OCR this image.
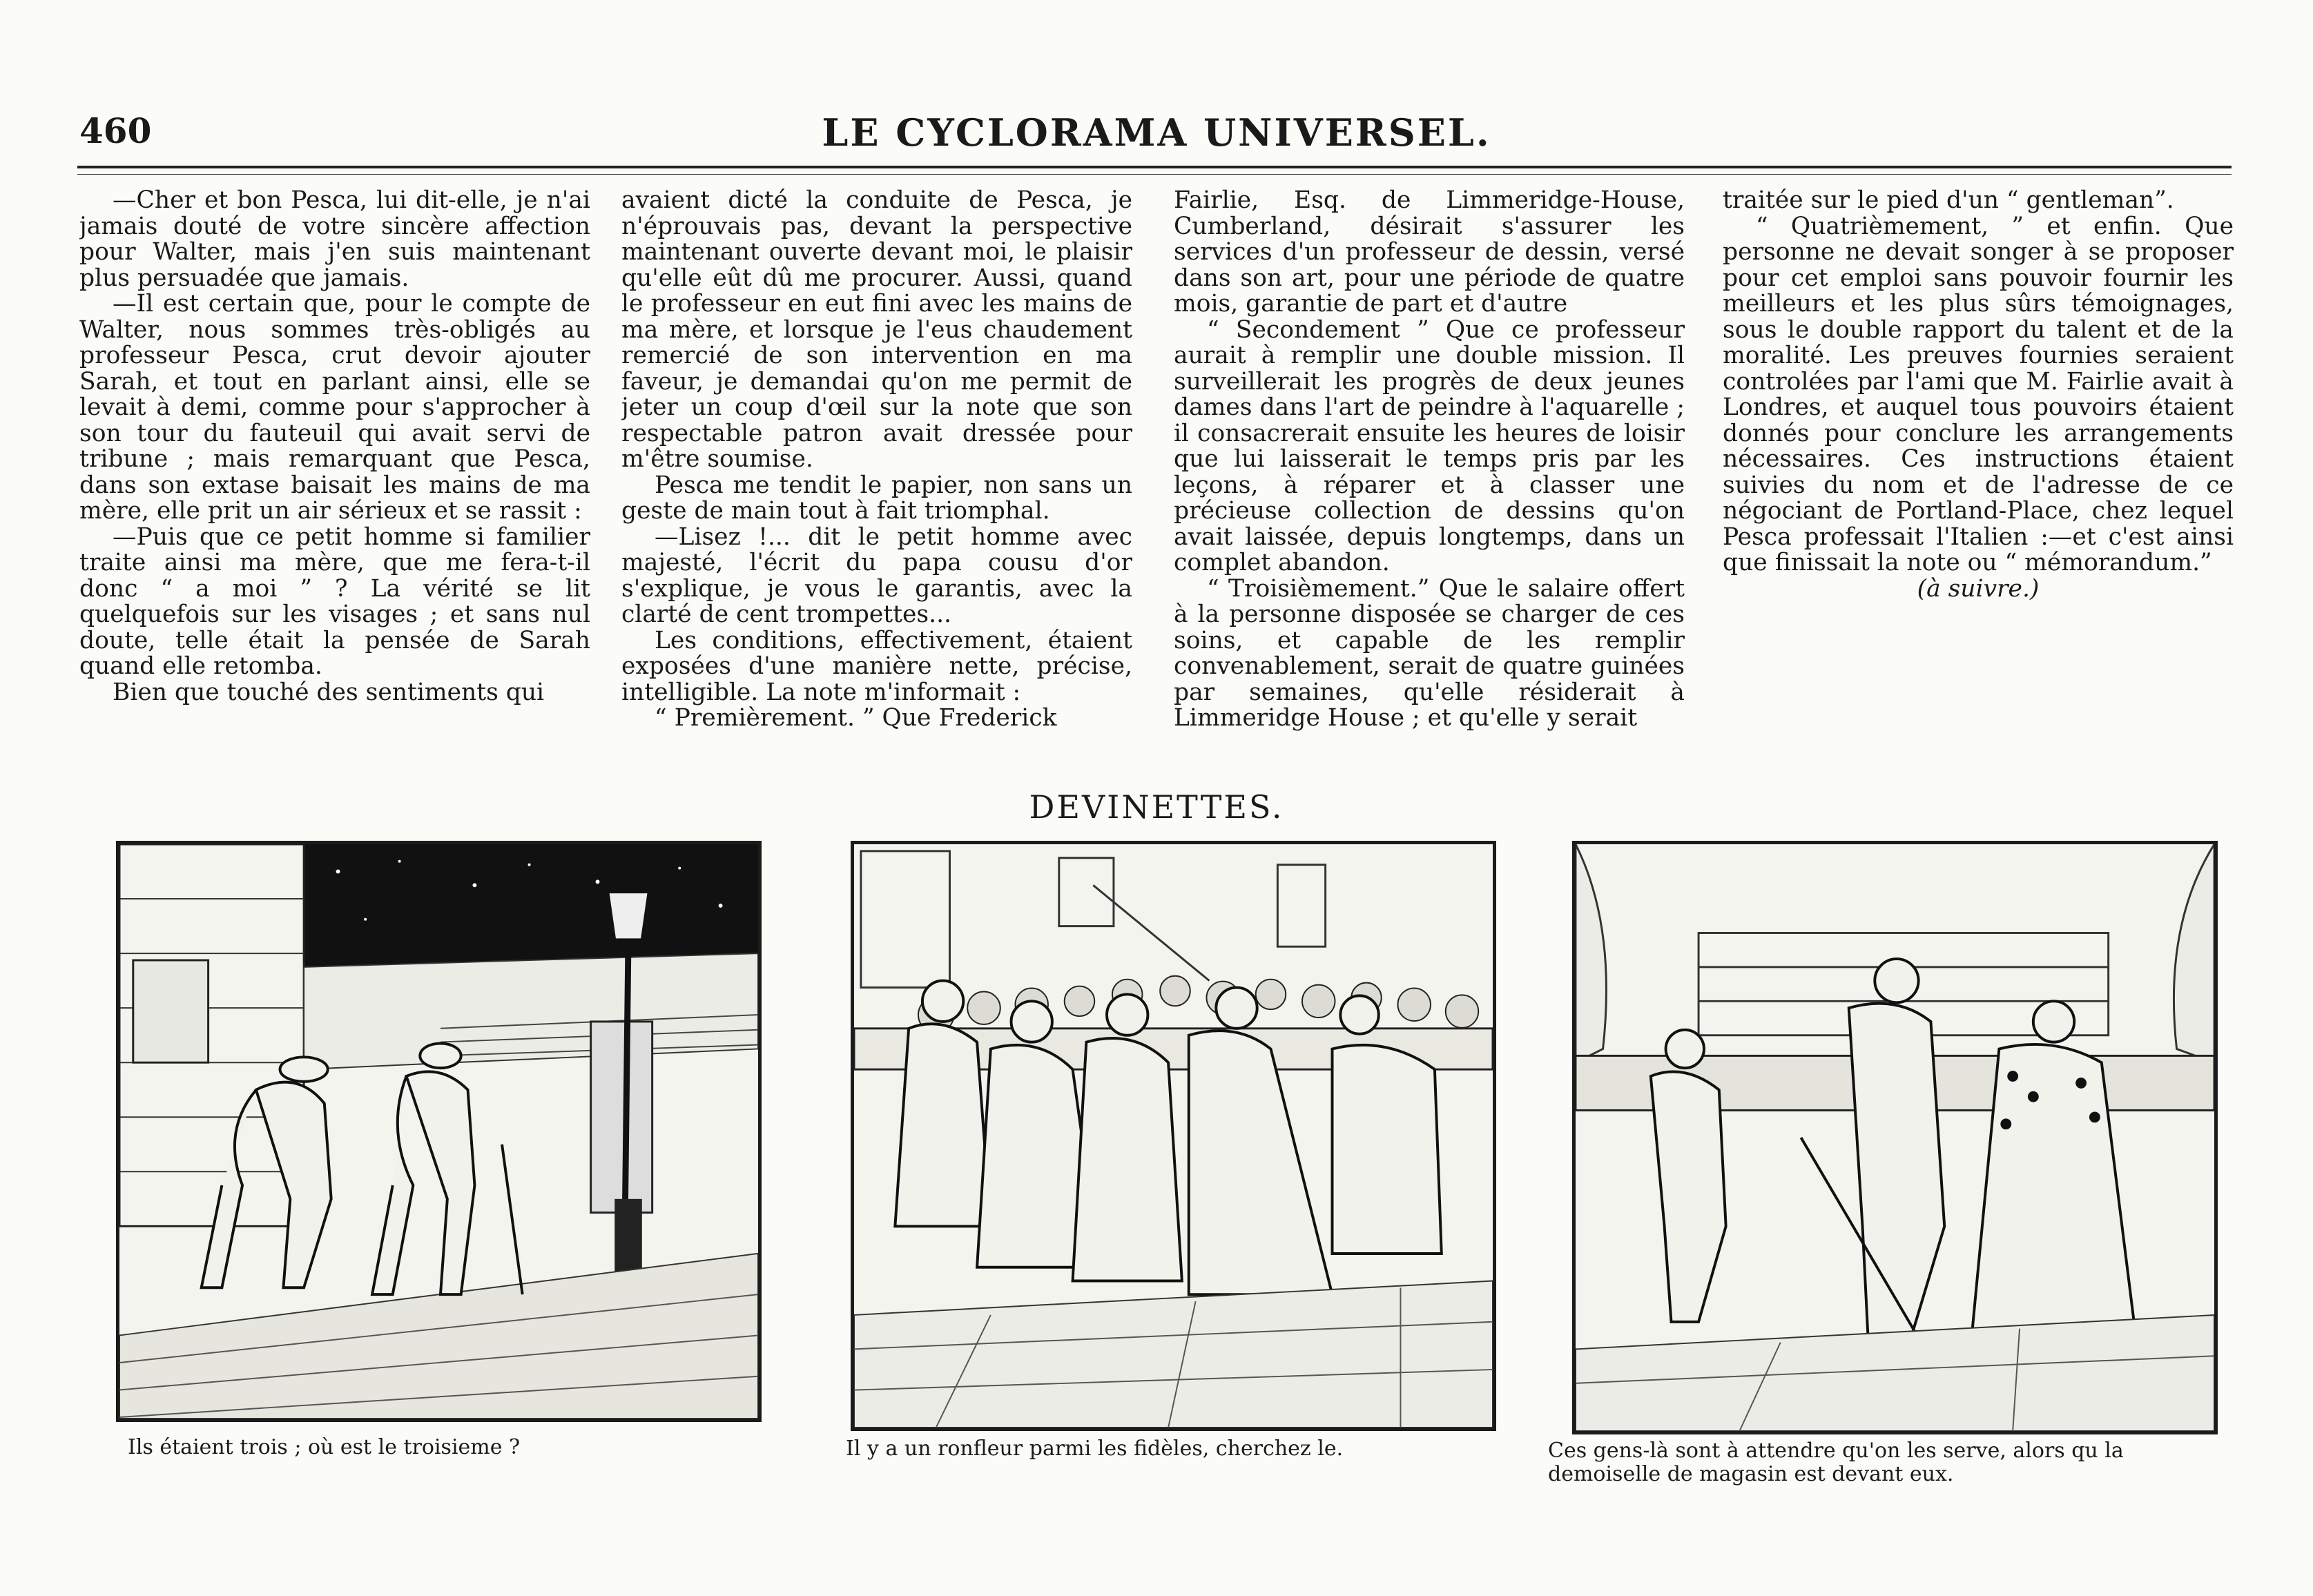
460	LE CYCLORAMA UNIVERSEL.

—Cher et bon Pesca, lui dit-elle, je n'ai jamais douté de votre sincère affection pour Walter, mais j'en suis maintenant plus persuadée que jamais.

—Il est certain que, pour le compte de Walter, nous sommes très-obligés au professeur Pesca, crut devoir ajouter Sarah, et tout en parlant ainsi, elle se levait à demi, comme pour s'approcher à son tour du fauteuil qui avait servi de tribune ; mais remarquant que Pesca, dans son extase baisait les mains de ma mère, elle prit un air sérieux et se rassit :

—Puis que ce petit homme si familier traite ainsi ma mère, que me fera-t-il donc “ a moi ” ? La vérité se lit quelquefois sur les visages ; et sans nul doute, telle était la pensée de Sarah quand elle retomba.

Bien que touché des sentiments qui

avaient dicté la conduite de Pesca, je n'éprouvais pas, devant la perspective maintenant ouverte devant moi, le plaisir qu'elle eût dû me procurer. Aussi, quand le professeur en eut fini avec les mains de ma mère, et lorsque je l'eus chaudement remercié de son intervention en ma faveur, je demandai qu'on me permit de jeter un coup d'œil sur la note que son respectable patron avait dressée pour m'être soumise.

Pesca me tendit le papier, non sans un geste de main tout à fait triomphal.

—Lisez !... dit le petit homme avec majesté, l'écrit du papa cousu d'or s'explique, je vous le garantis, avec la clarté de cent trompettes...

Les conditions, effectivement, étaient exposées d'une manière nette, précise, intelligible. La note m'informait :

“ Premièrement. ” Que Frederick

Fairlie, Esq. de Limmeridge-House, Cumberland, désirait s'assurer les services d'un professeur de dessin, versé dans son art, pour une période de quatre mois, garantie de part et d'autre

“ Secondement ” Que ce professeur aurait à remplir une double mission. Il surveillerait les progrès de deux jeunes dames dans l'art de peindre à l'aquarelle ; il consacrerait ensuite les heures de loisir que lui laisserait le temps pris par les leçons, à réparer et à classer une précieuse collection de dessins qu'on avait laissée, depuis longtemps, dans un complet abandon.

“ Troisièmement.” Que le salaire offert à la personne disposée se charger de ces soins, et capable de les remplir convenablement, serait de quatre guinées par semaines, qu'elle résiderait à Limmeridge House ; et qu'elle y serait

traitée sur le pied d'un “ gentleman”.

“ Quatrièmement, ” et enfin. Que personne ne devait songer à se proposer pour cet emploi sans pouvoir fournir les meilleurs et les plus sûrs témoignages, sous le double rapport du talent et de la moralité. Les preuves fournies seraient controlées par l'ami que M. Fairlie avait à Londres, et auquel tous pouvoirs étaient donnés pour conclure les arrangements nécessaires. Ces instructions étaient suivies du nom et de l'adresse de ce négociant de Portland-Place, chez lequel Pesca professait l'Italien :—et c'est ainsi que finissait la note ou “ mémorandum.”

(à suivre.)

DEVINETTES.
Ils étaient trois ; où est le troisieme ?	Il y a un ronfleur parmi les fidèles, cherchez le.	Ces gens-là sont à attendre qu'on les serve, alors qu la demoiselle de magasin est devant eux.
